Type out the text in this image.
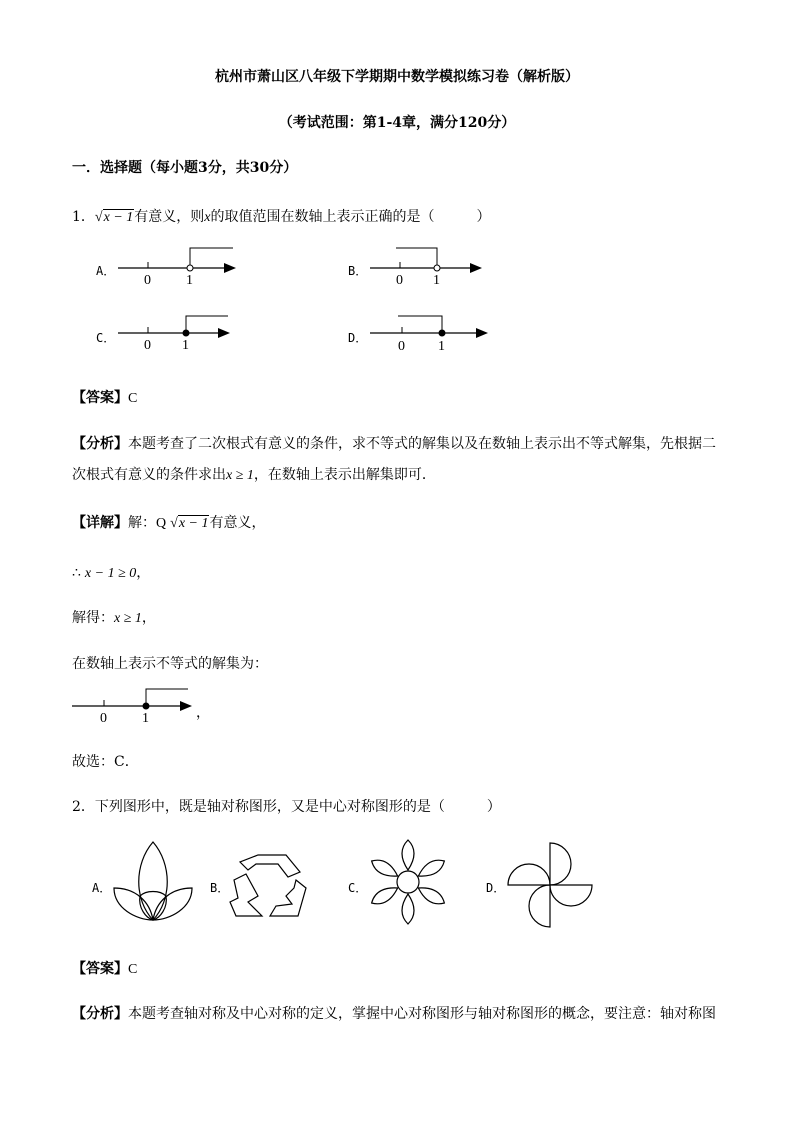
杭州市萧山区八年级下学期期中数学模拟练习卷（解析版）
（考试范围：第1-4章，满分120分）
一．选择题（每小题3分，共30分）
1．√x − 1有意义，则x的取值范围在数轴上表示正确的是（　　　）
A．
0	1
B．
0 1
C． 0 1	D．
0 1
【答案】C
【分析】本题考查了二次根式有意义的条件，求不等式的解集以及在数轴上表示出不等式解集，先根据二
次根式有意义的条件求出x ≥ 1，在数轴上表示出解集即可．
【详解】解：Q √x − 1有意义，
∴ x − 1 ≥ 0，
解得：x ≥ 1，
在数轴上表示不等式的解集为：
0	1	，
故选：C．
2．下列图形中，既是轴对称图形，又是中心对称图形的是（　　　）
A．	B．	C．	D．
【答案】C
【分析】本题考查轴对称及中心对称的定义，掌握中心对称图形与轴对称图形的概念，要注意：轴对称图
